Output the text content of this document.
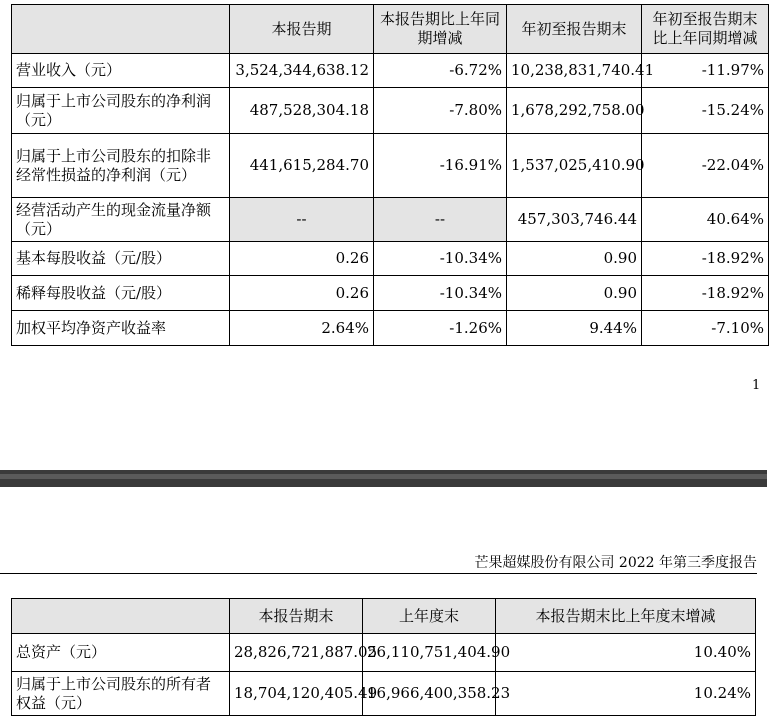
	本报告期	本报告期比上年同期增减	年初至报告期末	年初至报告期末比上年同期增减
营业收入（元）	3,524,344,638.12	-6.72%	10,238,831,740.41	-11.97%
归属于上市公司股东的净利润（元）	487,528,304.18	-7.80%	1,678,292,758.00	-15.24%
归属于上市公司股东的扣除非经常性损益的净利润（元）	441,615,284.70	-16.91%	1,537,025,410.90	-22.04%
经营活动产生的现金流量净额（元）	--	--	457,303,746.44	40.64%
基本每股收益（元/股）	0.26	-10.34%	0.90	-18.92%
稀释每股收益（元/股）	0.26	-10.34%	0.90	-18.92%
加权平均净资产收益率	2.64%	-1.26%	9.44%	-7.10%
1
芒果超媒股份有限公司 2022 年第三季度报告
	本报告期末	上年度末	本报告期末比上年度末增减
总资产（元）	28,826,721,887.05	26,110,751,404.90	10.40%
归属于上市公司股东的所有者权益（元）	18,704,120,405.49	16,966,400,358.23	10.24%
